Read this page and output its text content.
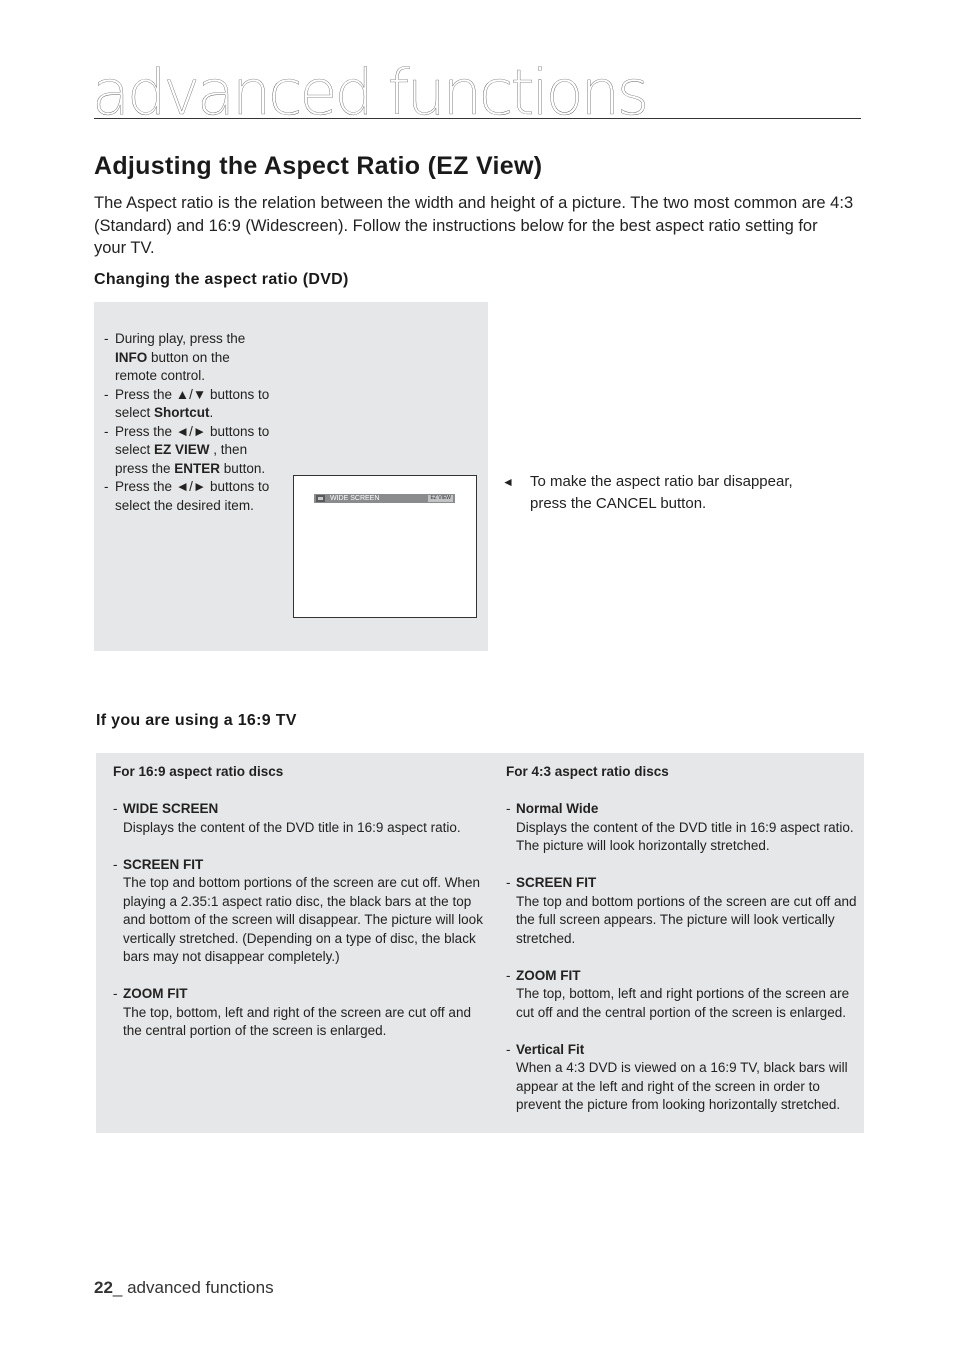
advanced functions
Adjusting the Aspect Ratio (EZ View)
The Aspect ratio is the relation between the width and height of a picture. The two most common are 4:3 (Standard) and 16:9 (Widescreen). Follow the instructions below for the best aspect ratio setting for your TV.
Changing the aspect ratio (DVD)
- During play, press the INFO button on the remote control.
- Press the ▲/▼ buttons to select Shortcut.
- Press the ◄/► buttons to select EZ VIEW , then press the ENTER button.
- Press the ◄/► buttons to select the desired item.	WIDE SCREEN	EZ VIEW
◄ To make the aspect ratio bar disappear, press the CANCEL button.
If you are using a 16:9 TV
For 16:9 aspect ratio discs
- WIDE SCREEN
Displays the content of the DVD title in 16:9 aspect ratio.
- SCREEN FIT
The top and bottom portions of the screen are cut off. When playing a 2.35:1 aspect ratio disc, the black bars at the top and bottom of the screen will disappear. The picture will look vertically stretched. (Depending on a type of disc, the black bars may not disappear completely.)
- ZOOM FIT
The top, bottom, left and right of the screen are cut off and the central portion of the screen is enlarged.
For 4:3 aspect ratio discs
- Normal Wide
Displays the content of the DVD title in 16:9 aspect ratio. The picture will look horizontally stretched.
- SCREEN FIT
The top and bottom portions of the screen are cut off and the full screen appears. The picture will look vertically stretched.
- ZOOM FIT
The top, bottom, left and right portions of the screen are cut off and the central portion of the screen is enlarged.
- Vertical Fit
When a 4:3 DVD is viewed on a 16:9 TV, black bars will appear at the left and right of the screen in order to prevent the picture from looking horizontally stretched.
22_ advanced functions
